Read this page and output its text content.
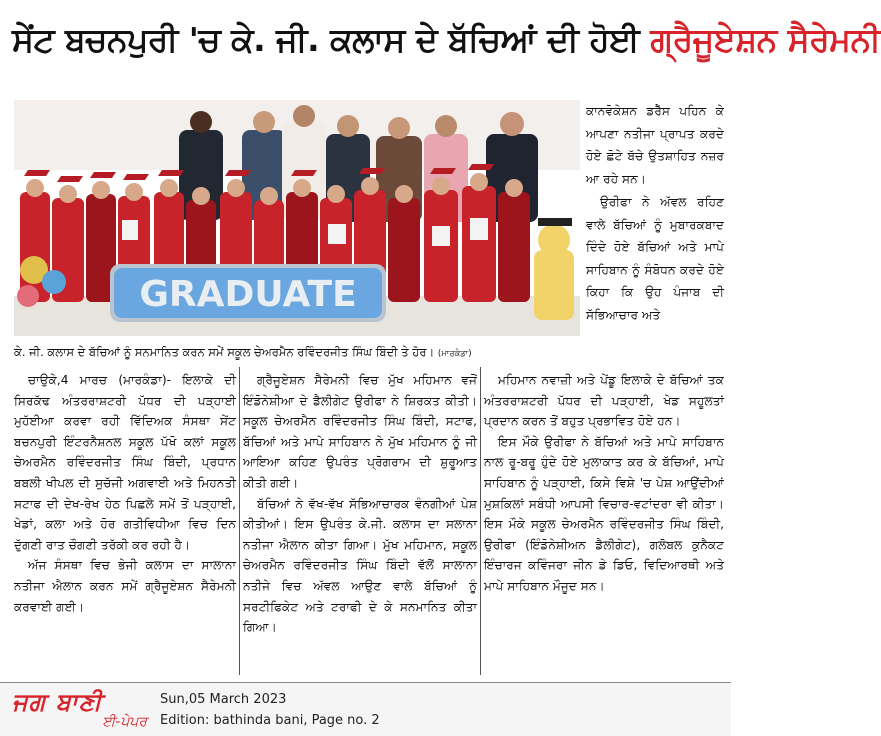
ਸੇਂਟ ਬਚਨਪੁਰੀ 'ਚ ਕੇ. ਜੀ. ਕਲਾਸ ਦੇ ਬੱਚਿਆਂ ਦੀ ਹੋਈ ਗ੍ਰੈਜੂਏਸ਼ਨ ਸੈਰੇਮਨੀ
GRADUATE
ਕੇ. ਜੀ. ਕਲਾਸ ਦੇ ਬੱਚਿਆਂ ਨੂੰ ਸਨਮਾਨਿਤ ਕਰਨ ਸਮੇਂ ਸਕੂਲ ਚੇਅਰਮੈਨ ਰਵਿੰਦਰਜੀਤ ਸਿੰਘ ਬਿੰਦੀ ਤੇ ਹੋਰ। (ਮਾਰਕੰਡਾ)

ਕਾਨਵੋਕੇਸ਼ਨ ਡਰੈੱਸ ਪਹਿਨ ਕੇ ਆਪਣਾ ਨਤੀਜਾ ਪ੍ਰਾਪਤ ਕਰਦੇ ਹੋਏ ਛੋਟੇ ਬੱਚੇ ਉਤਸ਼ਾਹਿਤ ਨਜ਼ਰ ਆ ਰਹੇ ਸਨ।

ਉਰੀਫਾ ਨੇ ਅੱਵਲ ਰਹਿਣ ਵਾਲੇ ਬੱਚਿਆਂ ਨੂੰ ਮੁਬਾਰਕਬਾਦ ਦਿੰਦੇ ਹੋਏ ਬੱਚਿਆਂ ਅਤੇ ਮਾਪੇ ਸਾਹਿਬਾਨ ਨੂੰ ਸੰਬੋਧਨ ਕਰਦੇ ਹੋਏ ਕਿਹਾ ਕਿ ਉਹ ਪੰਜਾਬ ਦੀ ਸੱਭਿਆਚਾਰ ਅਤੇ

ਚਾਉਕੇ,4 ਮਾਰਚ (ਮਾਰਕੰਡਾ)- ਇਲਾਕੇ ਦੀ ਸਿਰਕੱਢ ਅੰਤਰਰਾਸ਼ਟਰੀ ਪੱਧਰ ਦੀ ਪੜ੍ਹਾਈ ਮੁਹੱਈਆ ਕਰਵਾ ਰਹੀ ਵਿੱਦਿਅਕ ਸੰਸਥਾ ਸੇਂਟ ਬਚਨਪੁਰੀ ਇੰਟਰਨੈਸ਼ਨਲ ਸਕੂਲ ਪੱਖੋ ਕਲਾਂ ਸਕੂਲ ਚੇਅਰਮੈਨ ਰਵਿੰਦਰਜੀਤ ਸਿੰਘ ਬਿੰਦੀ, ਪ੍ਰਧਾਨ ਬਬਲੀ ਖੀਪਲ ਦੀ ਸੁਚੱਜੀ ਅਗਵਾਈ ਅਤੇ ਮਿਹਨਤੀ ਸਟਾਫ ਦੀ ਦੇਖ-ਰੇਖ ਹੇਠ ਪਿਛਲੇ ਸਮੇਂ ਤੋਂ ਪੜ੍ਹਾਈ, ਖੇਡਾਂ, ਕਲਾ ਅਤੇ ਹੋਰ ਗਤੀਵਿਧੀਆ ਵਿਚ ਦਿਨ ਦੁੱਗਣੀ ਰਾਤ ਚੌਗਣੀ ਤਰੱਕੀ ਕਰ ਰਹੀ ਹੈ।

ਅੱਜ ਸੰਸਥਾ ਵਿਚ ਭੇਜੀ ਕਲਾਸ ਦਾ ਸਾਲਾਨਾ ਨਤੀਜਾ ਐਲਾਨ ਕਰਨ ਸਮੇਂ ਗ੍ਰੈਜੂਏਸ਼ਨ ਸੈਰੇਮਨੀ ਕਰਵਾਈ ਗਈ।

ਗ੍ਰੈਜੂਏਸ਼ਨ ਸੈਰੇਮਨੀ ਵਿਚ ਮੁੱਖ ਮਹਿਮਾਨ ਵਜੋਂ ਇੰਡੋਨੇਸ਼ੀਆ ਦੇ ਡੈਲੀਗੇਟ ਉਰੀਫਾ ਨੇ ਸ਼ਿਰਕਤ ਕੀਤੀ। ਸਕੂਲ ਚੇਅਰਮੈਨ ਰਵਿੰਦਰਜੀਤ ਸਿੰਘ ਬਿੰਦੀ, ਸਟਾਫ, ਬੱਚਿਆਂ ਅਤੇ ਮਾਪੇ ਸਾਹਿਬਾਨ ਨੇ ਮੁੱਖ ਮਹਿਮਾਨ ਨੂੰ ਜੀ ਆਇਆ ਕਹਿਣ ਉਪਰੰਤ ਪ੍ਰੋਗਰਾਮ ਦੀ ਸ਼ੁਰੂਆਤ ਕੀਤੀ ਗਈ।

ਬੱਚਿਆਂ ਨੇ ਵੱਖ-ਵੱਖ ਸੱਭਿਆਚਾਰਕ ਵੰਨਗੀਆਂ ਪੇਸ਼ ਕੀਤੀਆਂ। ਇਸ ਉਪਰੰਤ ਕੇ.ਜੀ. ਕਲਾਸ ਦਾ ਸਲਾਨਾ ਨਤੀਜਾ ਐਲਾਨ ਕੀਤਾ ਗਿਆ। ਮੁੱਖ ਮਹਿਮਾਨ, ਸਕੂਲ ਚੇਅਰਮੈਨ ਰਵਿੰਦਰਜੀਤ ਸਿੰਘ ਬਿੰਦੀ ਵੱਲੋਂ ਸਾਲਾਨਾ ਨਤੀਜੇ ਵਿਚ ਅੱਵਲ ਆਉਣ ਵਾਲੇ ਬੱਚਿਆਂ ਨੂੰ ਸਰਟੀਫਿਕੇਟ ਅਤੇ ਟਰਾਫੀ ਦੇ ਕੇ ਸਨਮਾਨਿਤ ਕੀਤਾ ਗਿਆ।

ਮਹਿਮਾਨ ਨਵਾਜ਼ੀ ਅਤੇ ਪੇਂਡੂ ਇਲਾਕੇ ਦੇ ਬੱਚਿਆਂ ਤਕ ਅੰਤਰਰਾਸ਼ਟਰੀ ਪੱਧਰ ਦੀ ਪੜ੍ਹਾਈ, ਖੇਡ ਸਹੂਲਤਾਂ ਪ੍ਰਦਾਨ ਕਰਨ ਤੋਂ ਬਹੁਤ ਪ੍ਰਭਾਵਿਤ ਹੋਏ ਹਨ।

ਇਸ ਮੌਕੇ ਉਰੀਫਾ ਨੇ ਬੱਚਿਆਂ ਅਤੇ ਮਾਪੇ ਸਾਹਿਬਾਨ ਨਾਲ ਰੂ-ਬਰੂ ਹੁੰਦੇ ਹੋਏ ਮੁਲਾਕਾਤ ਕਰ ਕੇ ਬੱਚਿਆਂ, ਮਾਪੇ ਸਾਹਿਬਾਨ ਨੂੰ ਪੜ੍ਹਾਈ, ਕਿਸੇ ਵਿਸ਼ੇ 'ਚ ਪੇਸ਼ ਆਉਂਦੀਆਂ ਮੁਸ਼ਕਿਲਾਂ ਸਬੰਧੀ ਆਪਸੀ ਵਿਚਾਰ-ਵਟਾਂਦਰਾ ਵੀ ਕੀਤਾ। ਇਸ ਮੌਕੇ ਸਕੂਲ ਚੇਅਰਮੈਨ ਰਵਿੰਦਰਜੀਤ ਸਿੰਘ ਬਿੰਦੀ, ਉਰੀਫਾ (ਇੰਡੋਨੇਸ਼ੀਅਨ ਡੈਲੀਗੇਟ), ਗਲੋਬਲ ਕੁਨੈਕਟ ਇੰਚਾਰਜ ਕਵਿੰਜਰਾ ਜੀਨ ਡੇ ਡਿਓ, ਵਿਦਿਆਰਥੀ ਅਤੇ ਮਾਪੇ ਸਾਹਿਬਾਨ ਮੌਜੂਦ ਸਨ।

ਜਗ ਬਾਣੀ
ਈ-ਪੇਪਰ
Sun,05 March 2023
Edition: bathinda bani, Page no. 2
